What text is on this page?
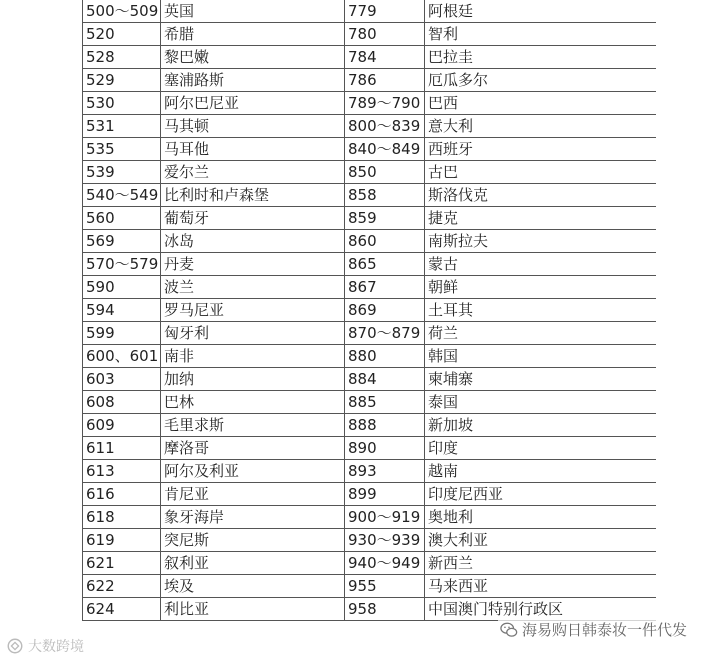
500～509	英国	779	阿根廷
520	希腊	780	智利
528	黎巴嫩	784	巴拉圭
529	塞浦路斯	786	厄瓜多尔
530	阿尔巴尼亚	789～790	巴西
531	马其顿	800～839	意大利
535	马耳他	840～849	西班牙
539	爱尔兰	850	古巴
540～549	比利时和卢森堡	858	斯洛伐克
560	葡萄牙	859	捷克
569	冰岛	860	南斯拉夫
570～579	丹麦	865	蒙古
590	波兰	867	朝鲜
594	罗马尼亚	869	土耳其
599	匈牙利	870～879	荷兰
600、601	南非	880	韩国
603	加纳	884	柬埔寨
608	巴林	885	泰国
609	毛里求斯	888	新加坡
611	摩洛哥	890	印度
613	阿尔及利亚	893	越南
616	肯尼亚	899	印度尼西亚
618	象牙海岸	900～919	奥地利
619	突尼斯	930～939	澳大利亚
621	叙利亚	940～949	新西兰
622	埃及	955	马来西亚
624	利比亚	958	中国澳门特别行政区
海易购日韩泰妆一件代发
大数跨境
